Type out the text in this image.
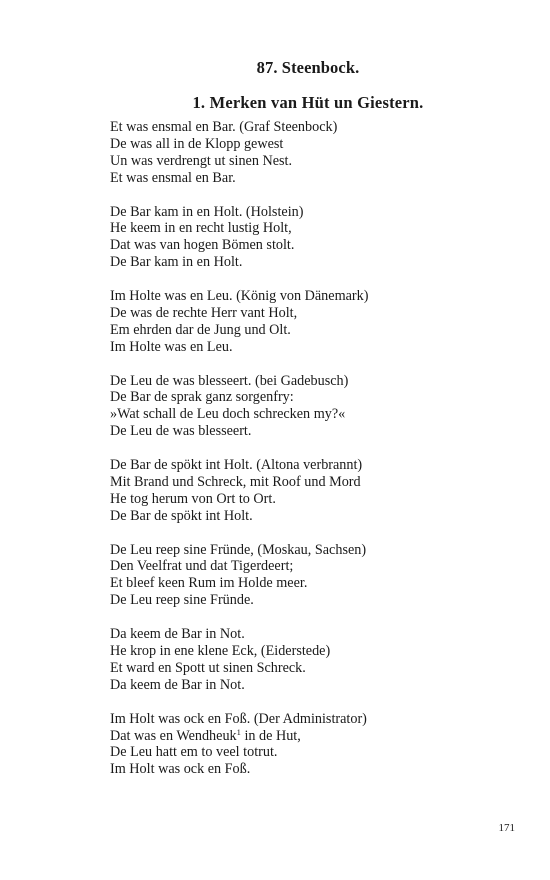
87. Steenbock.
1. Merken van Hüt un Giestern.
Et was ensmal en Bar. (Graf Steenbock)
De was all in de Klopp gewest
Un was verdrengt ut sinen Nest.
Et was ensmal en Bar.
De Bar kam in en Holt. (Holstein)
He keem in en recht lustig Holt,
Dat was van hogen Bömen stolt.
De Bar kam in en Holt.
Im Holte was en Leu. (König von Dänemark)
De was de rechte Herr vant Holt,
Em ehrden dar de Jung und Olt.
Im Holte was en Leu.
De Leu de was blesseert. (bei Gadebusch)
De Bar de sprak ganz sorgenfry:
»Wat schall de Leu doch schrecken my?«
De Leu de was blesseert.
De Bar de spökt int Holt. (Altona verbrannt)
Mit Brand und Schreck, mit Roof und Mord
He tog herum von Ort to Ort.
De Bar de spökt int Holt.
De Leu reep sine Fründe, (Moskau, Sachsen)
Den Veelfrat und dat Tigerdeert;
Et bleef keen Rum im Holde meer.
De Leu reep sine Fründe.
Da keem de Bar in Not.
He krop in ene klene Eck, (Eiderstede)
Et ward en Spott ut sinen Schreck.
Da keem de Bar in Not.
Im Holt was ock en Foß. (Der Administrator)
Dat was en Wendheuk$^1$ in de Hut,
De Leu hatt em to veel totrut.
Im Holt was ock en Foß.
171
